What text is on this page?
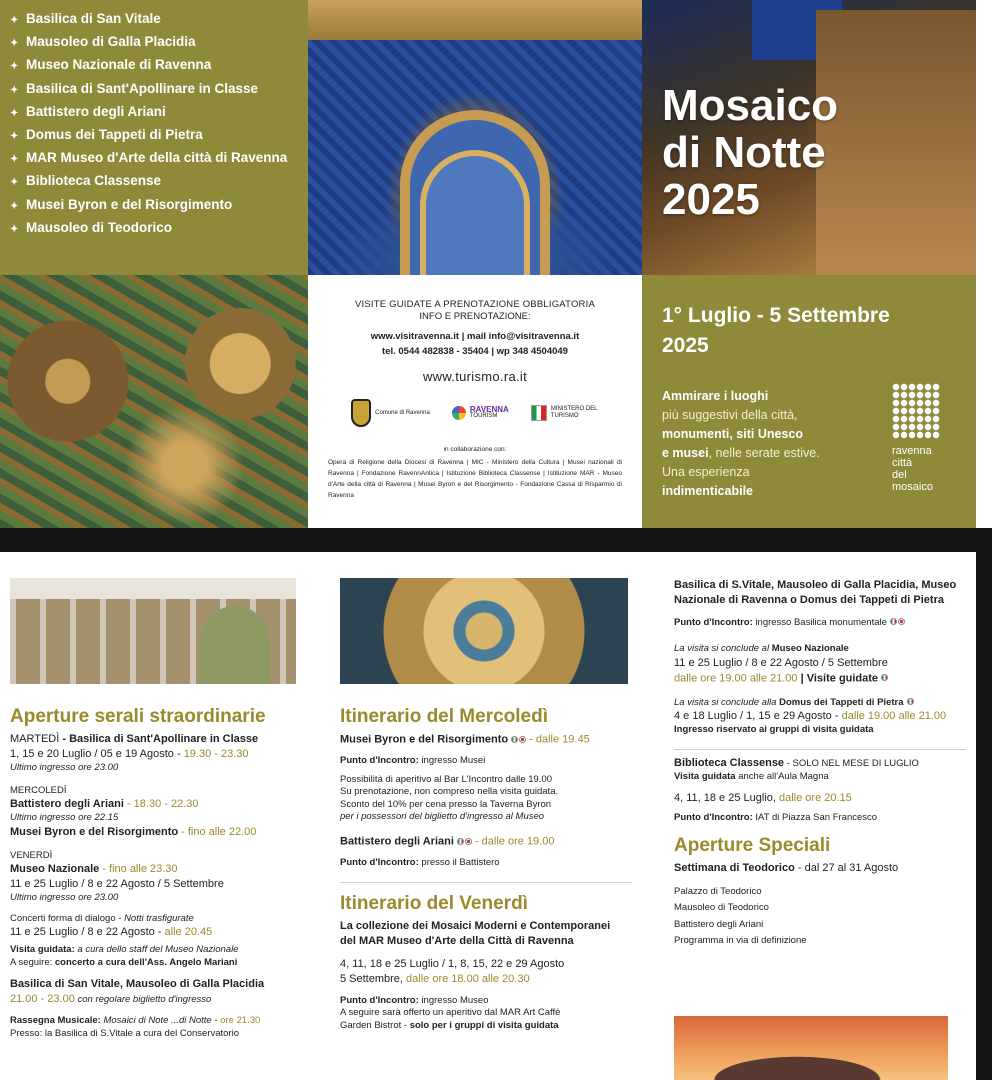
✦ Basilica di San Vitale
✦ Mausoleo di Galla Placidia
✦ Museo Nazionale di Ravenna
✦ Basilica di Sant'Apollinare in Classe
✦ Battistero degli Ariani
✦ Domus dei Tappeti di Pietra
✦ MAR Museo d'Arte della città di Ravenna
✦ Biblioteca Classense
✦ Musei Byron e del Risorgimento
✦ Mausoleo di Teodorico
Mosaico
di Notte
2025
VISITE GUIDATE A PRENOTAZIONE OBBLIGATORIA
INFO E PRENOTAZIONE:
www.visitravenna.it | mail info@visitravenna.it
tel. 0544 482838 - 35404 | wp 348 4504049
www.turismo.ra.it
Comune di Ravenna	RAVENNA
TOURISM
MINISTERO DEL TURISMO
in collaborazione con:
Opera di Religione della Diocesi di Ravenna | MIC - Ministero della Cultura | Musei nazionali di Ravenna | Fondazione RavennAntica | Istituzione Biblioteca Classense | Istituzione MAR - Museo d'Arte della città di Ravenna | Musei Byron e del Risorgimento - Fondazione Cassa di Risparmio di Ravenna
1° Luglio - 5 Settembre
2025
Ammirare i luoghi
più suggestivi della città,
monumenti, siti Unesco
e musei, nelle serate estive.
Una esperienza
indimenticabile
ravenna
città
del
mosaico
Aperture serali straordinarie
MARTEDÌ - Basilica di Sant'Apollinare in Classe
1, 15 e 20 Luglio / 05 e 19 Agosto - 19.30 - 23.30
Ultimo ingresso ore 23.00
MERCOLEDÌ
Battistero degli Ariani - 18.30 - 22.30
Ultimo ingresso ore 22.15
Musei Byron e del Risorgimento - fino alle 22.00
VENERDÌ
Museo Nazionale - fino alle 23.30
11 e 25 Luglio / 8 e 22 Agosto / 5 Settembre
Ultimo ingresso ore 23.00
Concerti forma di dialogo - Notti trasfigurate
11 e 25 Luglio / 8 e 22 Agosto - alle 20.45
Visita guidata: a cura dello staff del Museo Nazionale
A seguire: concerto a cura dell'Ass. Angelo Mariani
Basilica di San Vitale, Mausoleo di Galla Placidia
21.00 - 23.00 con regolare biglietto d'ingresso
Rassegna Musicale: Mosaici di Note ...di Notte - ore 21.30
Presso: la Basilica di S.Vitale a cura del Conservatorio
Itinerario del Mercoledì
Musei Byron e del Risorgimento - dalle 19.45
Punto d'Incontro: ingresso Musei
Possibilità di aperitivo al Bar L'Incontro dalle 19.00
Su prenotazione, non compreso nella visita guidata.
Sconto del 10% per cena presso la Taverna Byron
per i possessori del biglietto d'ingresso al Museo
Battistero degli Ariani - dalle ore 19.00
Punto d'Incontro: presso il Battistero
Itinerario del Venerdì
La collezione dei Mosaici Moderni e Contemporanei
del MAR Museo d'Arte della Città di Ravenna
4, 11, 18 e 25 Luglio / 1, 8, 15, 22 e 29 Agosto
5 Settembre, dalle ore 18.00 alle 20.30
Punto d'Incontro: ingresso Museo
A seguire sarà offerto un aperitivo dal MAR Art Caffè
Garden Bistrot - solo per i gruppi di visita guidata
Basilica di S.Vitale, Mausoleo di Galla Placidia, Museo
Nazionale di Ravenna o Domus dei Tappeti di Pietra
Punto d'Incontro: ingresso Basilica monumentale
La visita si conclude al Museo Nazionale
11 e 25 Luglio / 8 e 22 Agosto / 5 Settembre
dalle ore 19.00 alle 21.00 | Visite guidate
La visita si conclude alla Domus dei Tappeti di Pietra
4 e 18 Luglio / 1, 15 e 29 Agosto - dalle 19.00 alle 21.00
Ingresso riservato ai gruppi di visita guidata
Biblioteca Classense - SOLO NEL MESE DI LUGLIO
Visita guidata anche all'Aula Magna
4, 11, 18 e 25 Luglio, dalle ore 20.15
Punto d'Incontro: IAT di Piazza San Francesco
Aperture Speciali
Settimana di Teodorico - dal 27 al 31 Agosto
Palazzo di Teodorico
Mausoleo di Teodorico
Battistero degli Ariani
Programma in via di definizione
